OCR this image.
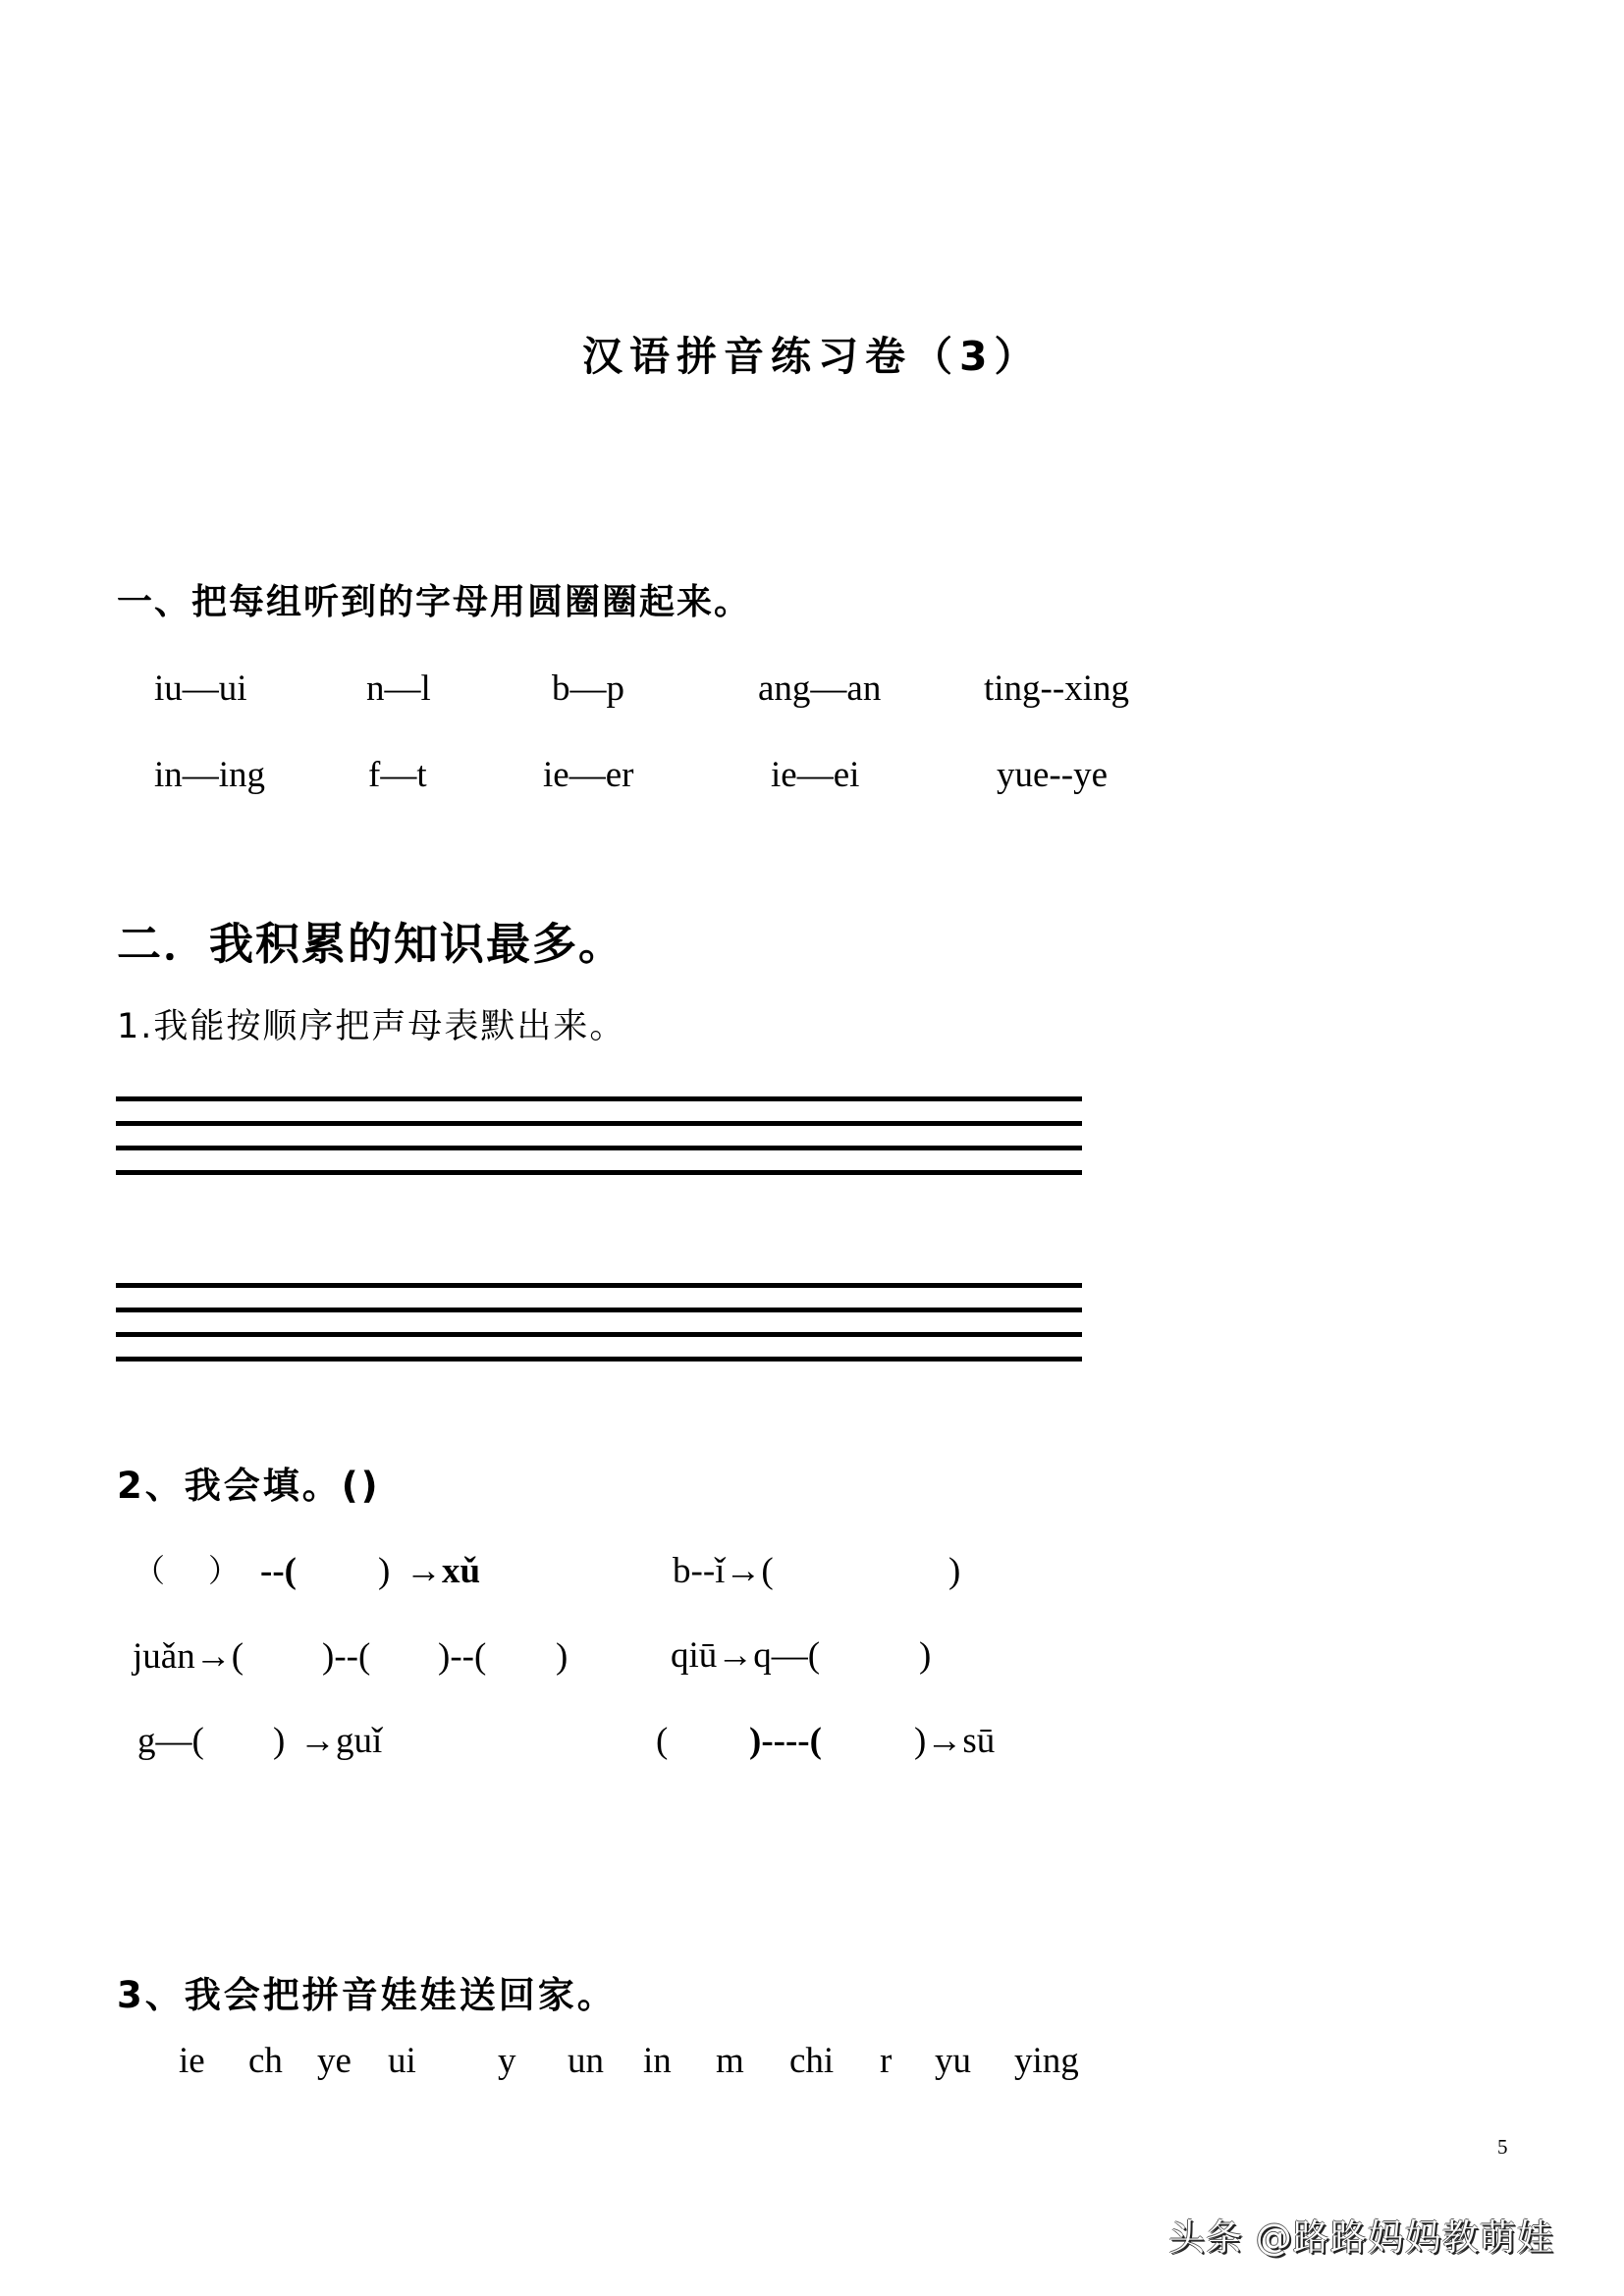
汉语拼音练习卷（3）
一、把每组听到的字母用圆圈圈起来。
iu—ui	n—l	b—p	ang—an	ting--xing
in—ing	f—t	ie—er	ie—ei	yue--ye
二．我积累的知识最多。
1.我能按顺序把声母表默出来。
2、我会填。()
（ ） --( ) →xǔ	b--ǐ→(	)
juǎn→( )--( )--( )	qiū→q—(	)
g—( ) →guǐ	( )----(	)→sū
3、我会把拼音娃娃送回家。
ie ch ye ui y un in m chi r yu ying
5
头条 @路路妈妈教萌娃
